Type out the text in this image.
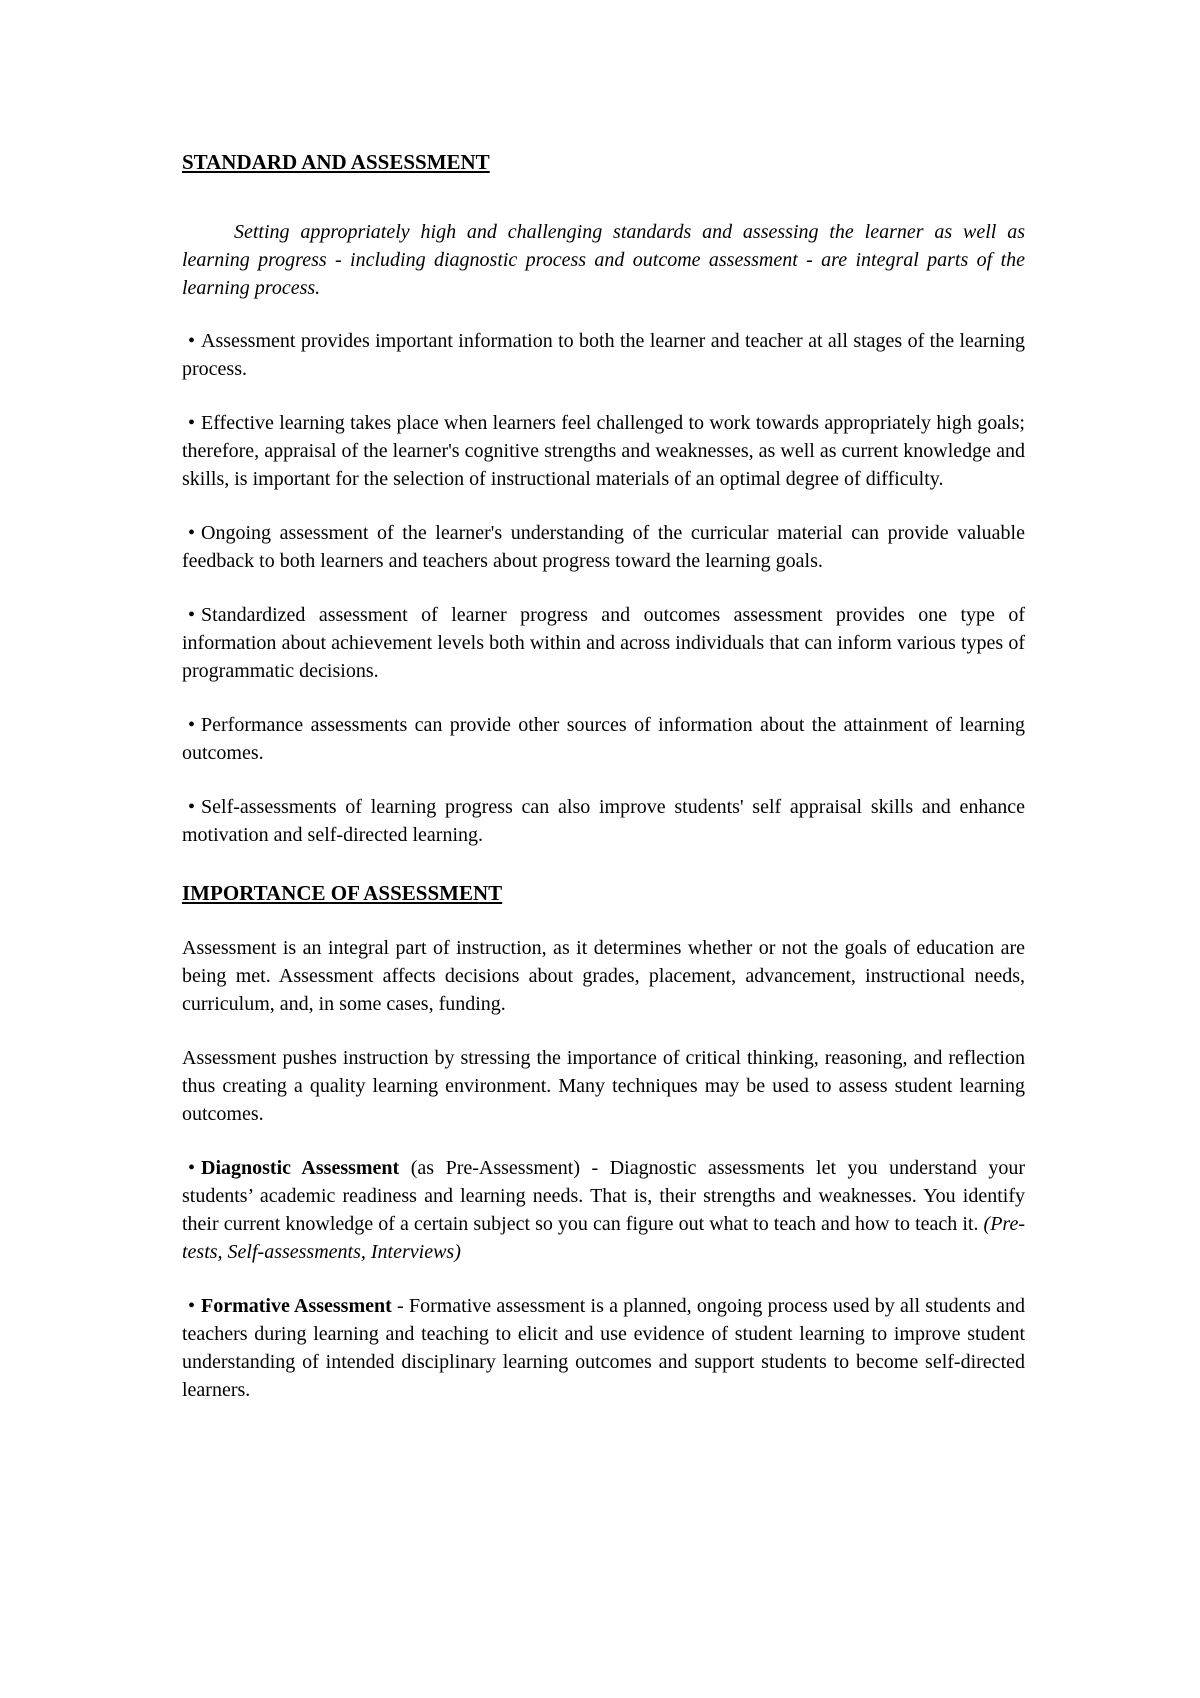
STANDARD AND ASSESSMENT

Setting appropriately high and challenging standards and assessing the learner as well as learning progress - including diagnostic process and outcome assessment - are integral parts of the learning process.

• Assessment provides important information to both the learner and teacher at all stages of the learning process.

• Effective learning takes place when learners feel challenged to work towards appropriately high goals; therefore, appraisal of the learner's cognitive strengths and weaknesses, as well as current knowledge and skills, is important for the selection of instructional materials of an optimal degree of difficulty.

• Ongoing assessment of the learner's understanding of the curricular material can provide valuable feedback to both learners and teachers about progress toward the learning goals.

• Standardized assessment of learner progress and outcomes assessment provides one type of information about achievement levels both within and across individuals that can inform various types of programmatic decisions.

• Performance assessments can provide other sources of information about the attainment of learning outcomes.

• Self-assessments of learning progress can also improve students' self appraisal skills and enhance motivation and self-directed learning.

IMPORTANCE OF ASSESSMENT

Assessment is an integral part of instruction, as it determines whether or not the goals of education are being met. Assessment affects decisions about grades, placement, advancement, instructional needs, curriculum, and, in some cases, funding.

Assessment pushes instruction by stressing the importance of critical thinking, reasoning, and reflection thus creating a quality learning environment. Many techniques may be used to assess student learning outcomes.

• Diagnostic Assessment (as Pre-Assessment) - Diagnostic assessments let you understand your students’ academic readiness and learning needs. That is, their strengths and weaknesses. You identify their current knowledge of a certain subject so you can figure out what to teach and how to teach it. (Pre-tests, Self-assessments, Interviews)

• Formative Assessment - Formative assessment is a planned, ongoing process used by all students and teachers during learning and teaching to elicit and use evidence of student learning to improve student understanding of intended disciplinary learning outcomes and support students to become self-directed learners.
